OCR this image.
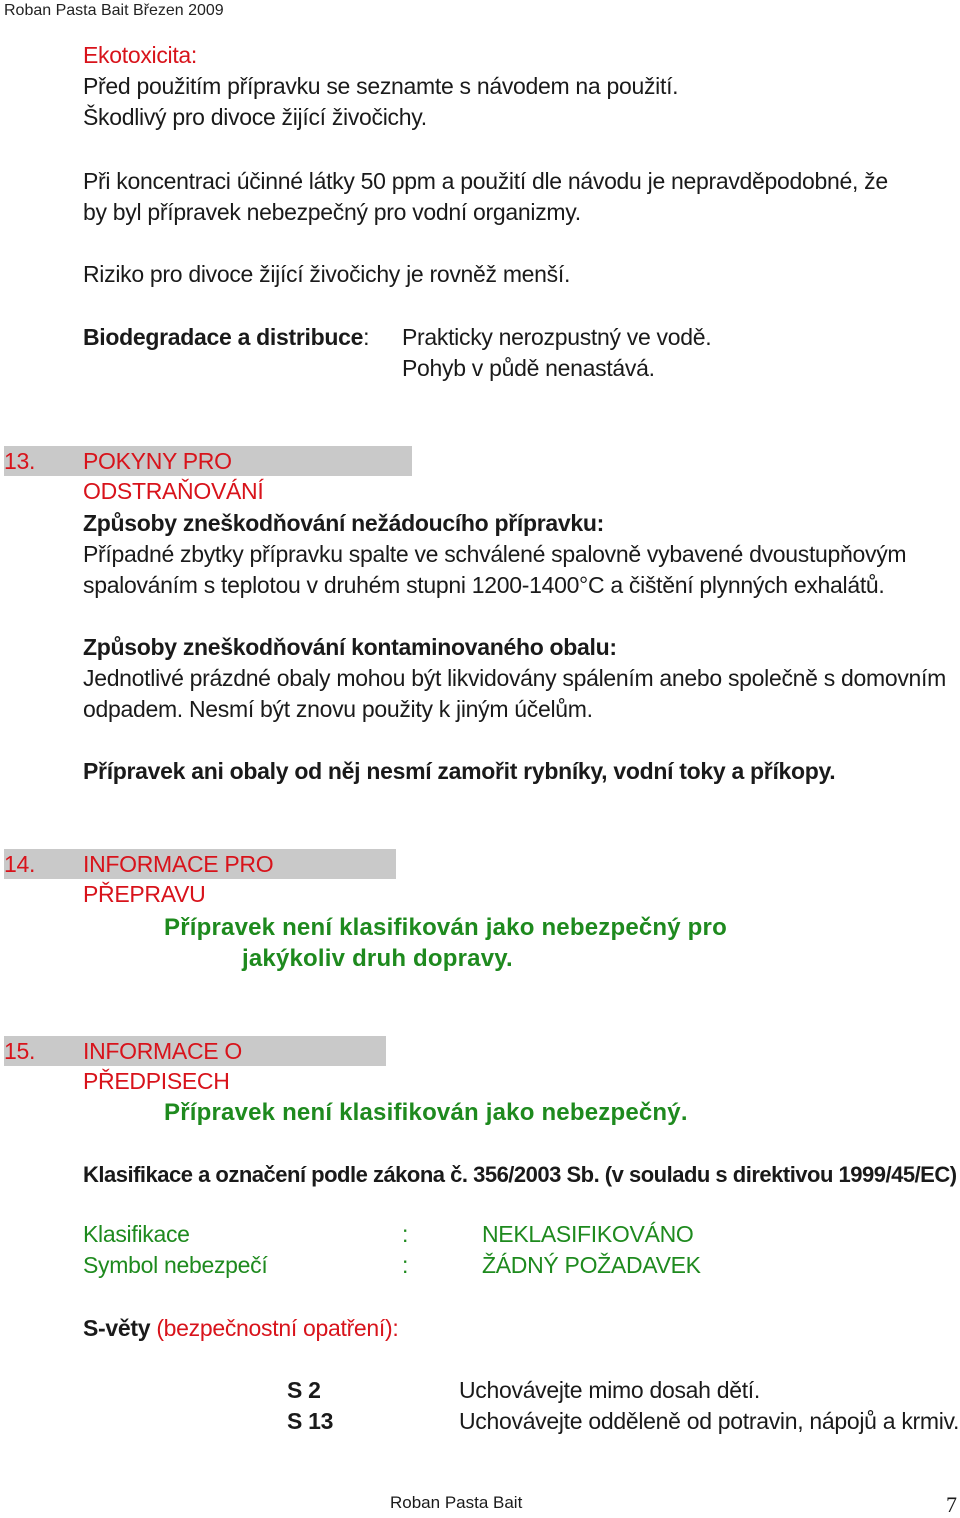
Roban Pasta Bait Březen 2009
Ekotoxicita:
Před použitím přípravku se seznamte s návodem na použití.
Škodlivý pro divoce žijící živočichy.
Při koncentraci účinné látky 50 ppm a použití dle návodu je nepravděpodobné, že
by byl přípravek nebezpečný pro vodní organizmy.
Riziko pro divoce žijící živočichy je rovněž menší.
Biodegradace a distribuce: Prakticky nerozpustný ve vodě.
Pohyb v půdě nenastává.
13. POKYNY PRO ODSTRAŇOVÁNÍ
Způsoby zneškodňování nežádoucího přípravku:
Případné zbytky přípravku spalte ve schválené spalovně vybavené dvoustupňovým
spalováním s teplotou v druhém stupni 1200-1400°C a čištění plynných exhalátů.
Způsoby zneškodňování kontaminovaného obalu:
Jednotlivé prázdné obaly mohou být likvidovány spálením anebo společně s domovním
odpadem. Nesmí být znovu použity k jiným účelům.
Přípravek ani obaly od něj nesmí zamořit rybníky, vodní toky a příkopy.
14. INFORMACE PRO PŘEPRAVU
Přípravek není klasifikován jako nebezpečný pro
jakýkoliv druh dopravy.
15. INFORMACE O PŘEDPISECH
Přípravek není klasifikován jako nebezpečný.
Klasifikace a označení podle zákona č. 356/2003 Sb. (v souladu s direktivou 1999/45/EC)
Klasifikace	:	NEKLASIFIKOVÁNO
Symbol nebezpečí	:	ŽÁDNÝ POŽADAVEK
S-věty (bezpečnostní opatření):
S 2	Uchovávejte mimo dosah dětí.
S 13	Uchovávejte odděleně od potravin, nápojů a krmiv.
Roban Pasta Bait	7
